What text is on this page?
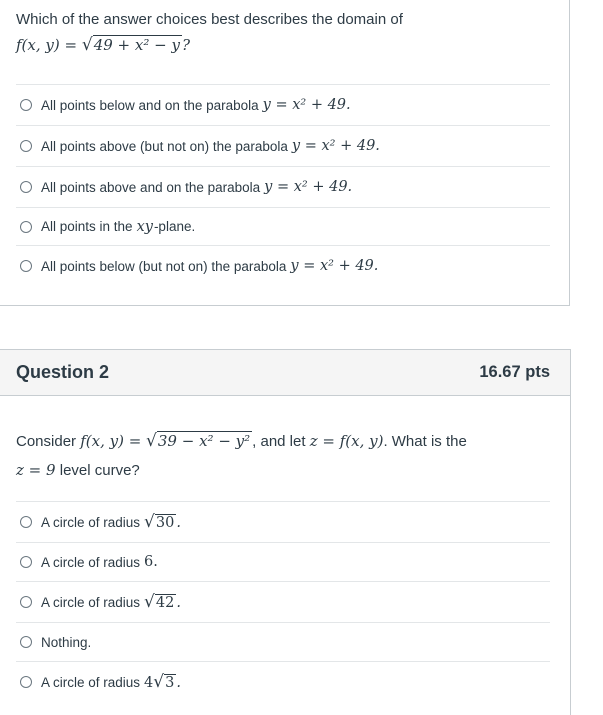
Which of the answer choices best describes the domain of
f(x, y) = √49 + x² − y ?
All points below and on the parabola y = x² + 49.
All points above (but not on) the parabola y = x² + 49.
All points above and on the parabola y = x² + 49.
All points in the xy -plane.
All points below (but not on) the parabola y = x² + 49.
Question 2	16.67 pts
Consider f(x, y) = √39 − x² − y² , and let z = f(x, y). What is the
z = 9 level curve?
A circle of radius √30 .
A circle of radius 6.
A circle of radius √42 .
Nothing.
A circle of radius 4√3 .
